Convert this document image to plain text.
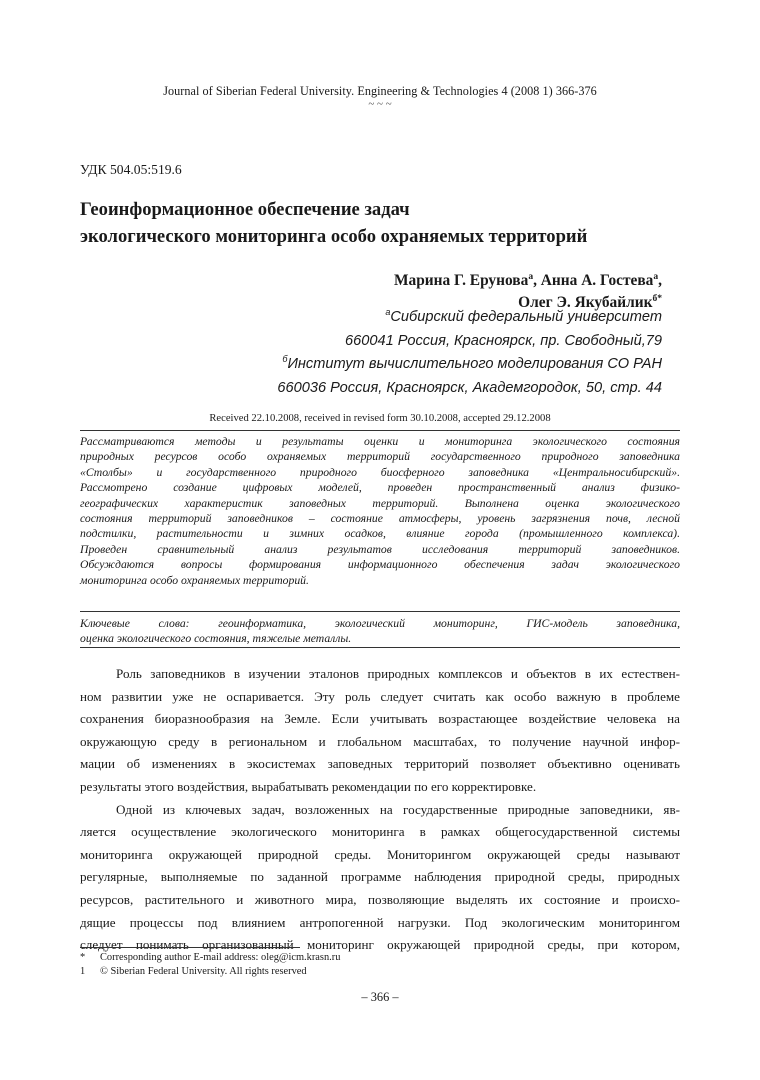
Journal of Siberian Federal University. Engineering & Technologies 4 (2008 1) 366-376
~ ~ ~
УДК 504.05:519.6
Геоинформационное обеспечение задач
экологического мониторинга особо охраняемых территорий
Марина Г. Ерунова$^а$, Анна А. Гостева$^а$,
Олег Э. Якубайлик$^{б*}$
$^а$Сибирский федеральный университет
660041 Россия, Красноярск, пр. Свободный,79
$^б$Институт вычислительного моделирования СО РАН
660036 Россия, Красноярск, Академгородок, 50, стр. 44
Received 22.10.2008, received in revised form 30.10.2008, accepted 29.12.2008
Рассматриваются методы и результаты оценки и мониторинга экологического состояния
природных ресурсов особо охраняемых территорий государственного природного заповедника
«Столбы» и государственного природного биосферного заповедника «Центральносибирский».
Рассмотрено создание цифровых моделей, проведен пространственный анализ физико-
географических характеристик заповедных территорий. Выполнена оценка экологического
состояния территорий заповедников – состояние атмосферы, уровень загрязнения почв, лесной
подстилки, растительности и зимних осадков, влияние города (промышленного комплекса).
Проведен сравнительный анализ результатов исследования территорий заповедников.
Обсуждаются вопросы формирования информационного обеспечения задач экологического
мониторинга особо охраняемых территорий.
Ключевые слова: геоинформатика, экологический мониторинг, ГИС-модель заповедника,
оценка экологического состояния, тяжелые металлы.
Роль заповедников в изучении эталонов природных комплексов и объектов в их естествен-
ном развитии уже не оспаривается. Эту роль следует считать как особо важную в проблеме
сохранения биоразнообразия на Земле. Если учитывать возрастающее воздействие человека на
окружающую среду в региональном и глобальном масштабах, то получение научной инфор-
мации об изменениях в экосистемах заповедных территорий позволяет объективно оценивать
результаты этого воздействия, вырабатывать рекомендации по его корректировке.
Одной из ключевых задач, возложенных на государственные природные заповедники, яв-
ляется осуществление экологического мониторинга в рамках общегосударственной системы
мониторинга окружающей природной среды. Мониторингом окружающей среды называют
регулярные, выполняемые по заданной программе наблюдения природной среды, природных
ресурсов, растительного и животного мира, позволяющие выделять их состояние и происхо-
дящие процессы под влиянием антропогенной нагрузки. Под экологическим мониторингом
следует понимать организованный мониторинг окружающей природной среды, при котором,
*	Corresponding author E-mail address: oleg@icm.krasn.ru
1	© Siberian Federal University. All rights reserved
– 366 –
